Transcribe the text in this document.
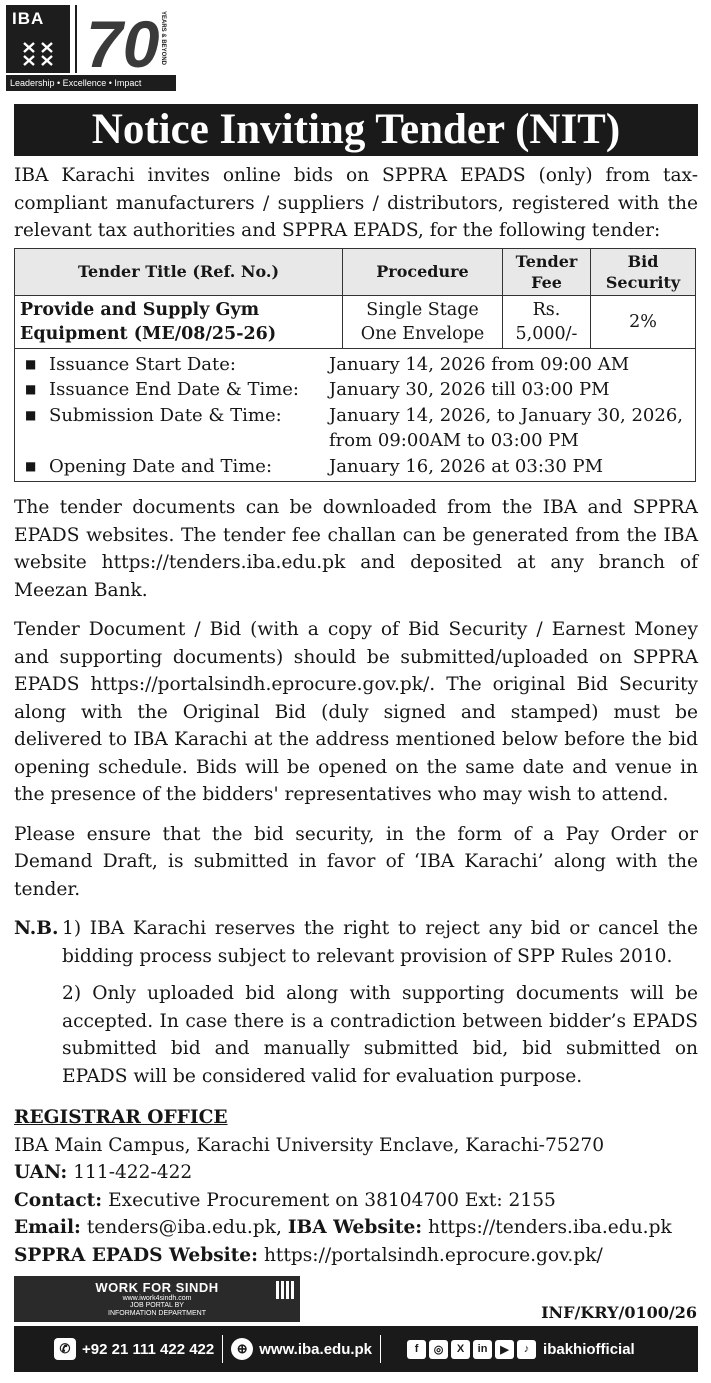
IBA 70 YEARS & BEYOND
Leadership • Excellence • Impact
Notice Inviting Tender (NIT)

IBA Karachi invites online bids on SPPRA EPADS (only) from tax-compliant manufacturers / suppliers / distributors, registered with the relevant tax authorities and SPPRA EPADS, for the following tender:

Tender Title (Ref. No.)	Procedure	Tender Fee	Bid Security
Provide and Supply Gym Equipment (ME/08/25-26)	Single Stage One Envelope	Rs. 5,000/-	2%
■ Issuance Start Date:	January 14, 2026 from 09:00 AM
■ Issuance End Date & Time:	January 30, 2026 till 03:00 PM
■ Submission Date & Time:	January 14, 2026, to January 30, 2026, from 09:00AM to 03:00 PM
■ Opening Date and Time:	January 16, 2026 at 03:30 PM

The tender documents can be downloaded from the IBA and SPPRA EPADS websites. The tender fee challan can be generated from the IBA website https://tenders.iba.edu.pk and deposited at any branch of Meezan Bank.

Tender Document / Bid (with a copy of Bid Security / Earnest Money and supporting documents) should be submitted/uploaded on SPPRA EPADS https://portalsindh.eprocure.gov.pk/. The original Bid Security along with the Original Bid (duly signed and stamped) must be delivered to IBA Karachi at the address mentioned below before the bid opening schedule. Bids will be opened on the same date and venue in the presence of the bidders' representatives who may wish to attend.

Please ensure that the bid security, in the form of a Pay Order or Demand Draft, is submitted in favor of ‘IBA Karachi’ along with the tender.

N.B. 1) IBA Karachi reserves the right to reject any bid or cancel the bidding process subject to relevant provision of SPP Rules 2010.

2) Only uploaded bid along with supporting documents will be accepted. In case there is a contradiction between bidder’s EPADS submitted bid and manually submitted bid, bid submitted on EPADS will be considered valid for evaluation purpose.

REGISTRAR OFFICE
IBA Main Campus, Karachi University Enclave, Karachi-75270
UAN: 111-422-422
Contact: Executive Procurement on 38104700 Ext: 2155
Email: tenders@iba.edu.pk, IBA Website: https://tenders.iba.edu.pk
SPPRA EPADS Website: https://portalsindh.eprocure.gov.pk/
WORK FOR SINDH
www.iwork4sindh.com
JOB PORTAL BY
INFORMATION DEPARTMENT	INF/KRY/0100/26
✆ +92 21 111 422 422	⊕ www.iba.edu.pk	f	◎	X	in	▶	♪ ibakhiofficial
